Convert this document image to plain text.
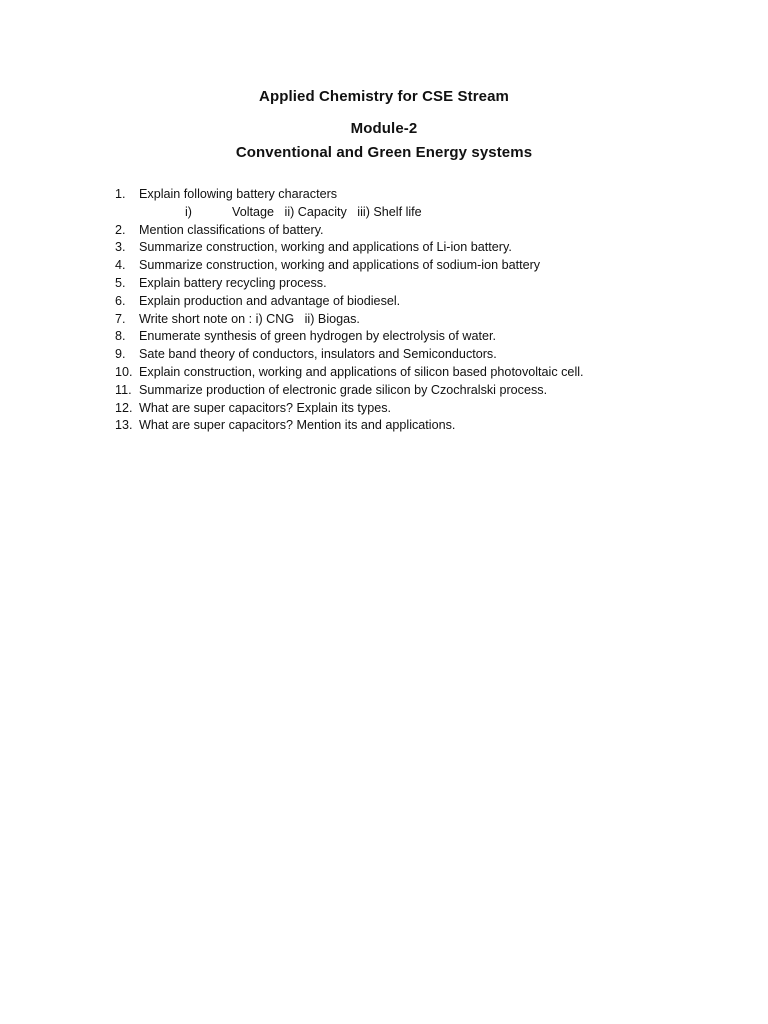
Applied Chemistry for CSE Stream
Module-2
Conventional and Green Energy systems
1. Explain following battery characters
i)	Voltage   ii) Capacity   iii) Shelf life
2. Mention classifications of battery.
3. Summarize construction, working and applications of Li-ion battery.
4. Summarize construction, working and applications of sodium-ion battery
5. Explain battery recycling process.
6. Explain production and advantage of biodiesel.
7. Write short note on : i) CNG   ii) Biogas.
8. Enumerate synthesis of green hydrogen by electrolysis of water.
9. Sate band theory of conductors, insulators and Semiconductors.
10. Explain construction, working and applications of silicon based photovoltaic cell.
11. Summarize production of electronic grade silicon by Czochralski process.
12. What are super capacitors? Explain its types.
13. What are super capacitors? Mention its and applications.
